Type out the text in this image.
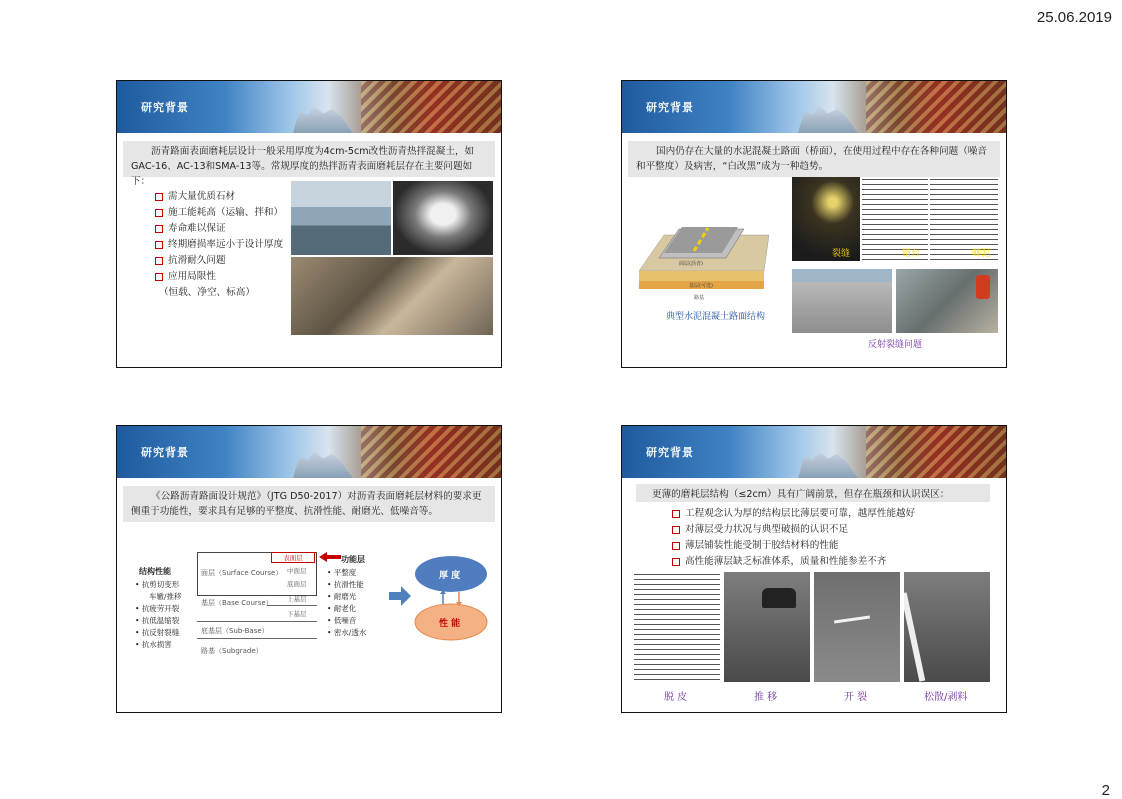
25.06.2019
研究背景
沥青路面表面磨耗层设计一般采用厚度为4cm-5cm改性沥青热拌混凝土，如GAC-16、AC-13和SMA-13等。常规厚度的热拌沥青表面磨耗层存在主要问题如下：
需大量优质石材
施工能耗高（运输、拌和）
寿命难以保证
终期磨损率远小于设计厚度
抗滑耐久问题
应用局限性
（恒载、净空、标高）
研究背景
国内仍存在大量的水泥混凝土路面（桥面），在使用过程中存在各种问题（噪音和平整度）及病害，“白改黑”成为一种趋势。
面层(沥青)
基层(可选)
路基
典型水泥混凝土路面结构
裂缝	错台	唧泥
反射裂缝问题
研究背景
《公路沥青路面设计规范》（JTG D50-2017）对沥青表面磨耗层材料的要求更侧重于功能性，要求具有足够的平整度、抗滑性能、耐磨光、低噪音等。
结构性能
• 抗剪切变形
车辙/推移
• 抗疲劳开裂
• 抗低温缩裂
• 抗反射裂缝
• 抗水损害
面层（Surface Course）
表面层
中面层
底面层
基层（Base Course） 上基层
下基层
底基层（Sub-Base）
路基（Subgrade）
功能层
• 平整度
• 抗滑性能
• 耐磨光
• 耐老化
• 低噪音
• 密水/透水
厚 度
性 能
研究背景
更薄的磨耗层结构（≤2cm）具有广阔前景，但存在瓶颈和认识误区：
工程观念认为厚的结构层比薄层要可靠，越厚性能越好
对薄层受力状况与典型破损的认识不足
薄层铺装性能受制于胶结材料的性能
高性能薄层缺乏标准体系，质量和性能参差不齐
脱 皮	推 移	开 裂	松散/剥料
2
